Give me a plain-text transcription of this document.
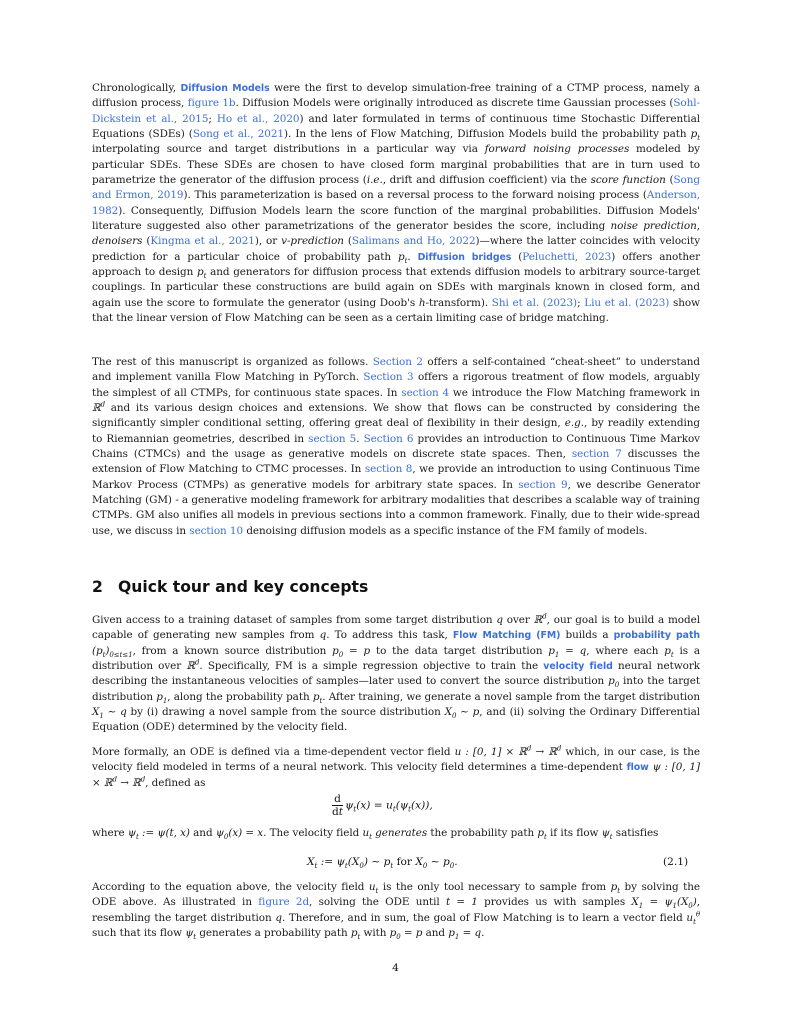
Chronologically, Diffusion Models were the first to develop simulation-free training of a CTMP process, namely a diffusion process, figure 1b. Diffusion Models were originally introduced as discrete time Gaussian processes (Sohl-Dickstein et al., 2015; Ho et al., 2020) and later formulated in terms of continuous time Stochastic Differential Equations (SDEs) (Song et al., 2021). In the lens of Flow Matching, Diffusion Models build the probability path $p_t$ interpolating source and target distributions in a particular way via forward noising processes modeled by particular SDEs. These SDEs are chosen to have closed form marginal probabilities that are in turn used to parametrize the generator of the diffusion process (i.e., drift and diffusion coefficient) via the score function (Song and Ermon, 2019). This parameterization is based on a reversal process to the forward noising process (Anderson, 1982). Consequently, Diffusion Models learn the score function of the marginal probabilities. Diffusion Models' literature suggested also other parametrizations of the generator besides the score, including noise prediction, denoisers (Kingma et al., 2021), or v-prediction (Salimans and Ho, 2022)—where the latter coincides with velocity prediction for a particular choice of probability path $p_t$. Diffusion bridges (Peluchetti, 2023) offers another approach to design $p_t$ and generators for diffusion process that extends diffusion models to arbitrary source-target couplings. In particular these constructions are build again on SDEs with marginals known in closed form, and again use the score to formulate the generator (using Doob's h-transform). Shi et al. (2023); Liu et al. (2023) show that the linear version of Flow Matching can be seen as a certain limiting case of bridge matching.

The rest of this manuscript is organized as follows. Section 2 offers a self-contained “cheat-sheet” to understand and implement vanilla Flow Matching in PyTorch. Section 3 offers a rigorous treatment of flow models, arguably the simplest of all CTMPs, for continuous state spaces. In section 4 we introduce the Flow Matching framework in ℝ$^d$ and its various design choices and extensions. We show that flows can be constructed by considering the significantly simpler conditional setting, offering great deal of flexibility in their design, e.g., by readily extending to Riemannian geometries, described in section 5. Section 6 provides an introduction to Continuous Time Markov Chains (CTMCs) and the usage as generative models on discrete state spaces. Then, section 7 discusses the extension of Flow Matching to CTMC processes. In section 8, we provide an introduction to using Continuous Time Markov Process (CTMPs) as generative models for arbitrary state spaces. In section 9, we describe Generator Matching (GM) - a generative modeling framework for arbitrary modalities that describes a scalable way of training CTMPs. GM also unifies all models in previous sections into a common framework. Finally, due to their wide-spread use, we discuss in section 10 denoising diffusion models as a specific instance of the FM family of models.

2 Quick tour and key concepts

Given access to a training dataset of samples from some target distribution q over ℝ$^d$, our goal is to build a model capable of generating new samples from q. To address this task, Flow Matching (FM) builds a probability path $(p_t)_{0\le t\le 1}$, from a known source distribution $p_0 = p$ to the data target distribution $p_1 = q$, where each $p_t$ is a distribution over ℝ$^d$. Specifically, FM is a simple regression objective to train the velocity field neural network describing the instantaneous velocities of samples—later used to convert the source distribution $p_0$ into the target distribution $p_1$, along the probability path $p_t$. After training, we generate a novel sample from the target distribution $X_1$ ∼ q by (i) drawing a novel sample from the source distribution $X_0$ ∼ p, and (ii) solving the Ordinary Differential Equation (ODE) determined by the velocity field.

More formally, an ODE is defined via a time-dependent vector field u : [0, 1] × ℝ$^d$ → ℝ$^d$ which, in our case, is the velocity field modeled in terms of a neural network. This velocity field determines a time-dependent flow ψ : [0, 1] × ℝ$^d$ → ℝ$^d$, defined as

$\frac{d}{dt} \psi_t(x) = u_t(\psi_t(x))$,

where $\psi_t$ := ψ(t, x) and $\psi_0(x) = x$. The velocity field $u_t$ generates the probability path $p_t$ if its flow $\psi_t$ satisfies

$X_t$ := $\psi_t(X_0)$ ∼ $p_t$ for $X_0$ ∼ $p_0$.	(2.1)

According to the equation above, the velocity field $u_t$ is the only tool necessary to sample from $p_t$ by solving the ODE above. As illustrated in figure 2d, solving the ODE until t = 1 provides us with samples $X_1 = \psi_1(X_0)$, resembling the target distribution q. Therefore, and in sum, the goal of Flow Matching is to learn a vector field $u_t^\theta$ such that its flow $\psi_t$ generates a probability path $p_t$ with $p_0 = p$ and $p_1 = q$.

4
